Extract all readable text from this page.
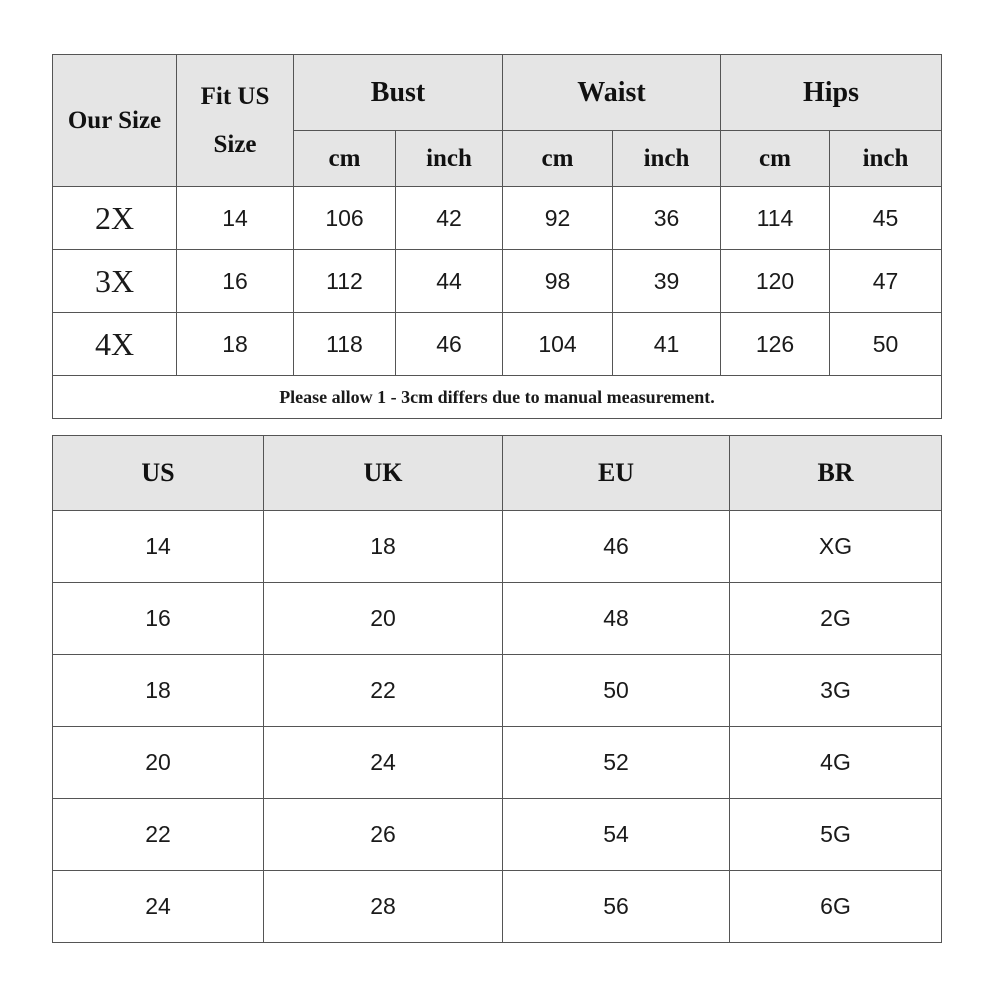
Our Size	Fit US Size	Bust		Waist		Hips	
		cm	inch	cm	inch	cm	inch
2X	14	106	42	92	36	114	45
3X	16	112	44	98	39	120	47
4X	18	118	46	104	41	126	50
Please allow 1 - 3cm differs due to manual measurement.							
US	UK	EU	BR
14	18	46	XG
16	20	48	2G
18	22	50	3G
20	24	52	4G
22	26	54	5G
24	28	56	6G
